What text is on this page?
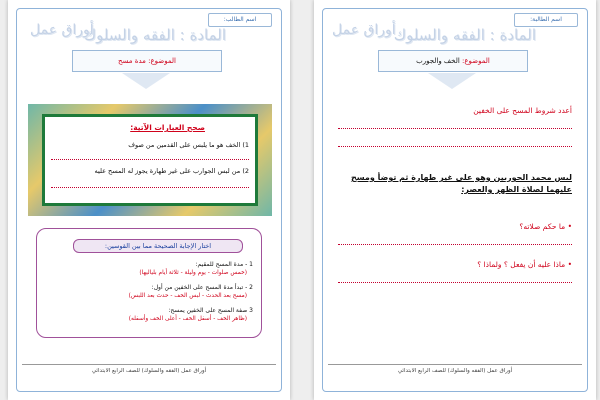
اسم الطالب:
المادة : الفقه والسلوك
أوراق عمل
الموضوع: مدة مسح
صحح العبارات الآتية:
1) الخف هو ما يلبس على القدمين من صوف
2) من لبس الجوارب على غير طهارة يجوز له المسح عليه
اختار الإجابة الصحيحة مما بين القوسين:
1 - مدة المسح للمقيم:
(خمس صلوات - يوم وليلة - ثلاثة أيام بلياليها)
2 - تبدأ مدة المسح على الخفين من أول:
(مسح بعد الحدث - لبس الخف - حدث بعد اللبس)
3 صفة المسح على الخفين يمسح:
(ظاهر الخف - أسفل الخف - أعلى الخف وأسفله)
أوراق عمل (الفقه والسلوك) للصف الرابع الابتدائي
اسم الطالبة:
المادة : الفقه والسلوك
أوراق عمل
الموضوع: الخف والجورب
أعدد شروط المسح على الخفين
لبس محمد الجوربين وهو على غير طهارة ثم توضأ ومسح عليهما لصلاة الظهر والعصر:
• ما حكم صلاته؟
• ماذا عليه أن يفعل ؟ ولماذا ؟
أوراق عمل (الفقه والسلوك) للصف الرابع الابتدائي
